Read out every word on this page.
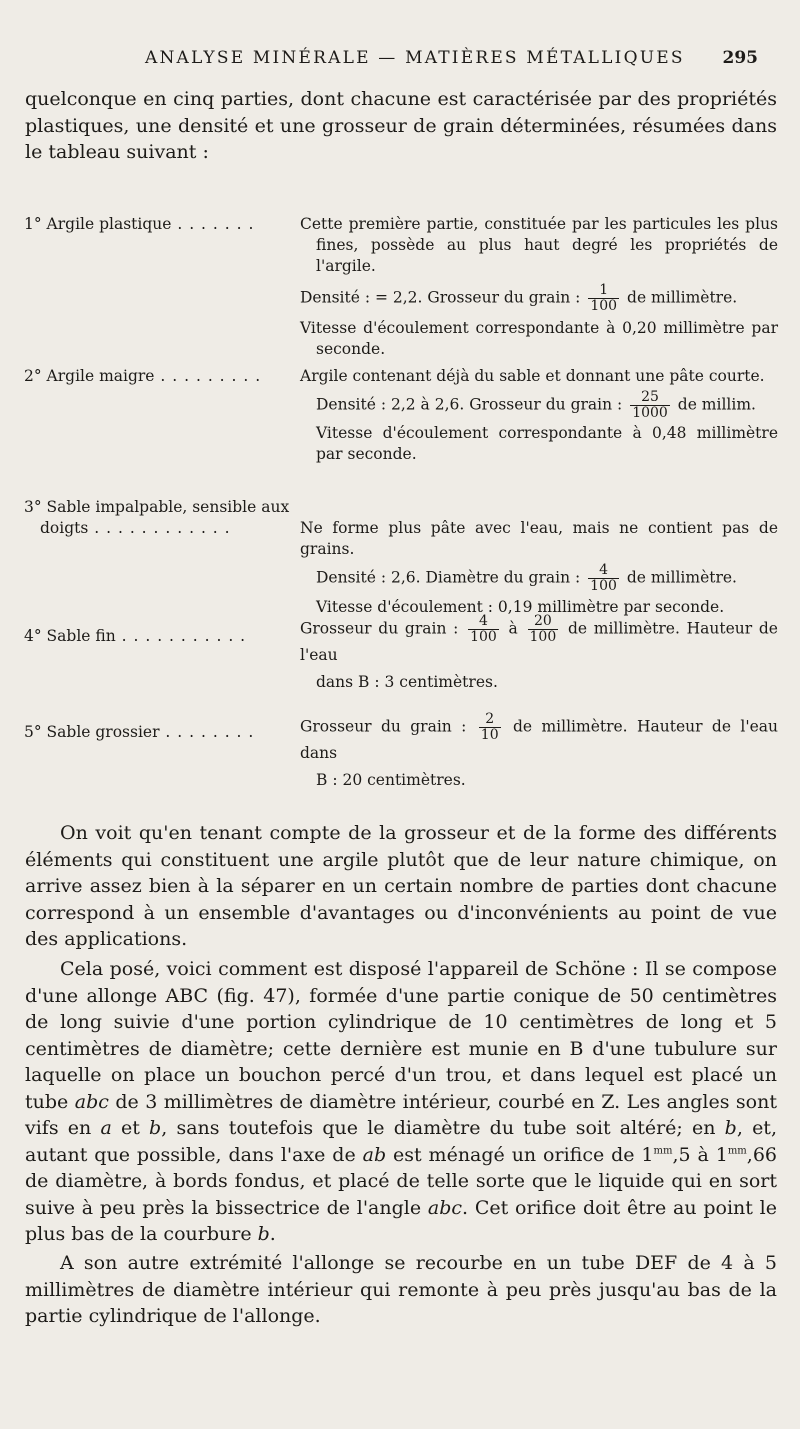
ANALYSE MINÉRALE — MATIÈRES MÉTALLIQUES 295

quelconque en cinq parties, dont chacune est caractérisée par des propriétés plastiques, une densité et une grosseur de grain déterminées, résumées dans le tableau suivant :

1° Argile plastique . . . . . . .	Cette première partie, constituée par les particules les plus fines, possède au plus haut degré les propriétés de l'argile.
Densité : = 2,2. Grosseur du grain : $\frac{1}{100}$ de millimètre.
Vitesse d'écoulement correspondante à 0,20 millimètre par seconde.
2° Argile maigre . . . . . . . . .	Argile contenant déjà du sable et donnant une pâte courte.
Densité : 2,2 à 2,6. Grosseur du grain : $\frac{25}{1000}$ de millim.
Vitesse d'écoulement correspondante à 0,48 millimètre par seconde.
3° Sable impalpable, sensible aux
doigts . . . . . . . . . . . .	Ne forme plus pâte avec l'eau, mais ne contient pas de grains.
Densité : 2,6. Diamètre du grain : $\frac{4}{100}$ de millimètre.
Vitesse d'écoulement : 0,19 millimètre par seconde.
4° Sable fin . . . . . . . . . . .	Grosseur du grain : $\frac{4}{100}$ à $\frac{20}{100}$ de millimètre. Hauteur de l'eau
dans B : 3 centimètres.
5° Sable grossier . . . . . . . .	Grosseur du grain : $\frac{2}{10}$ de millimètre. Hauteur de l'eau dans
B : 20 centimètres.

On voit qu'en tenant compte de la grosseur et de la forme des différents éléments qui constituent une argile plutôt que de leur nature chimique, on arrive assez bien à la séparer en un certain nombre de parties dont chacune correspond à un ensemble d'avantages ou d'inconvénients au point de vue des applications.

Cela posé, voici comment est disposé l'appareil de Schöne : Il se compose d'une allonge ABC (fig. 47), formée d'une partie conique de 50 centimètres de long suivie d'une portion cylindrique de 10 centimètres de long et 5 centimètres de diamètre; cette dernière est munie en B d'une tubulure sur laquelle on place un bouchon percé d'un trou, et dans lequel est placé un tube abc de 3 millimètres de diamètre intérieur, courbé en Z. Les angles sont vifs en a et b, sans toutefois que le diamètre du tube soit altéré; en b, et, autant que possible, dans l'axe de ab est ménagé un orifice de $1^{mm},5$ à $1^{mm},66$ de diamètre, à bords fondus, et placé de telle sorte que le liquide qui en sort suive à peu près la bissectrice de l'angle abc. Cet orifice doit être au point le plus bas de la courbure b.

A son autre extrémité l'allonge se recourbe en un tube DEF de 4 à 5 millimètres de diamètre intérieur qui remonte à peu près jusqu'au bas de la partie cylindrique de l'allonge.
